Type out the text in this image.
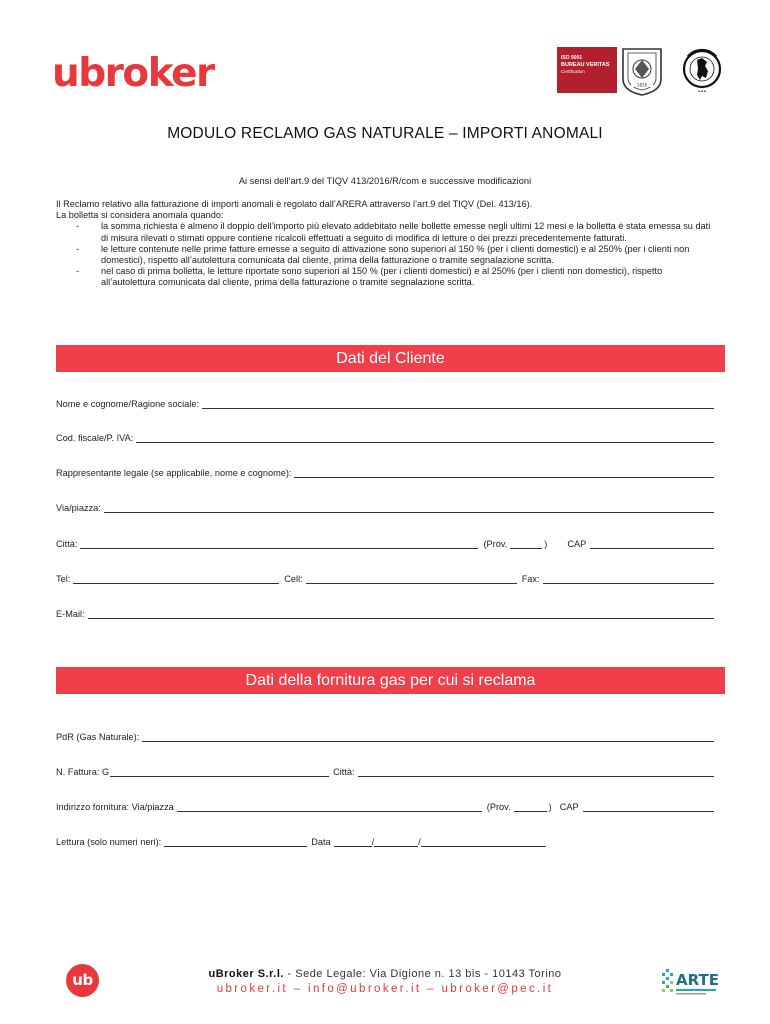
ubroker	ISO 9001
BUREAU VERITAS
Certification
1828
•••
MODULO RECLAMO GAS NATURALE – IMPORTI ANOMALI
Ai sensi dell’art.9 del TIQV 413/2016/R/com e successive modificazioni
Il Reclamo relativo alla fatturazione di importi anomali è regolato dall’ARERA attraverso l’art.9 del TIQV (Del. 413/16).
La bolletta si considera anomala quando:
- la somma richiesta è almeno il doppio dell’importo più elevato addebitato nelle bollette emesse negli ultimi 12 mesi e la bolletta è stata emessa su dati di misura rilevati o stimati oppure contiene ricalcoli effettuati a seguito di modifica di letture o dei prezzi precedentemente fatturati.
- le letture contenute nelle prime fatture emesse a seguito di attivazione sono superiori al 150 % (per i clienti domestici) e al 250% (per i clienti non domestici), rispetto all’autolettura comunicata dal cliente, prima della fatturazione o tramite segnalazione scritta.
- nel caso di prima bolletta, le letture riportate sono superiori al 150 % (per i clienti domestici) e al 250% (per i clienti non domestici), rispetto all’autolettura comunicata dal cliente, prima della fatturazione o tramite segnalazione scritta.
Dati del Cliente
Nome e cognome/Ragione sociale:
Cod. fiscale/P. IVA:
Rappresentante legale (se applicabile, nome e cognome):
Via/piazza:
Città:	(Prov.	) CAP
Tel:	Cell:	Fax:
E-Mail:
Dati della fornitura gas per cui si reclama
PdR (Gas Naturale):
N. Fattura: G	Città:
Indirizzo fornitura: Via/piazza	(Prov.	) CAP
Lettura (solo numeri neri):	Data	/	/
ub	uBroker S.r.l. - Sede Legale: Via Digione n. 13 bis - 10143 Torino
ubroker.it – info@ubroker.it – ubroker@pec.it	ARTE
